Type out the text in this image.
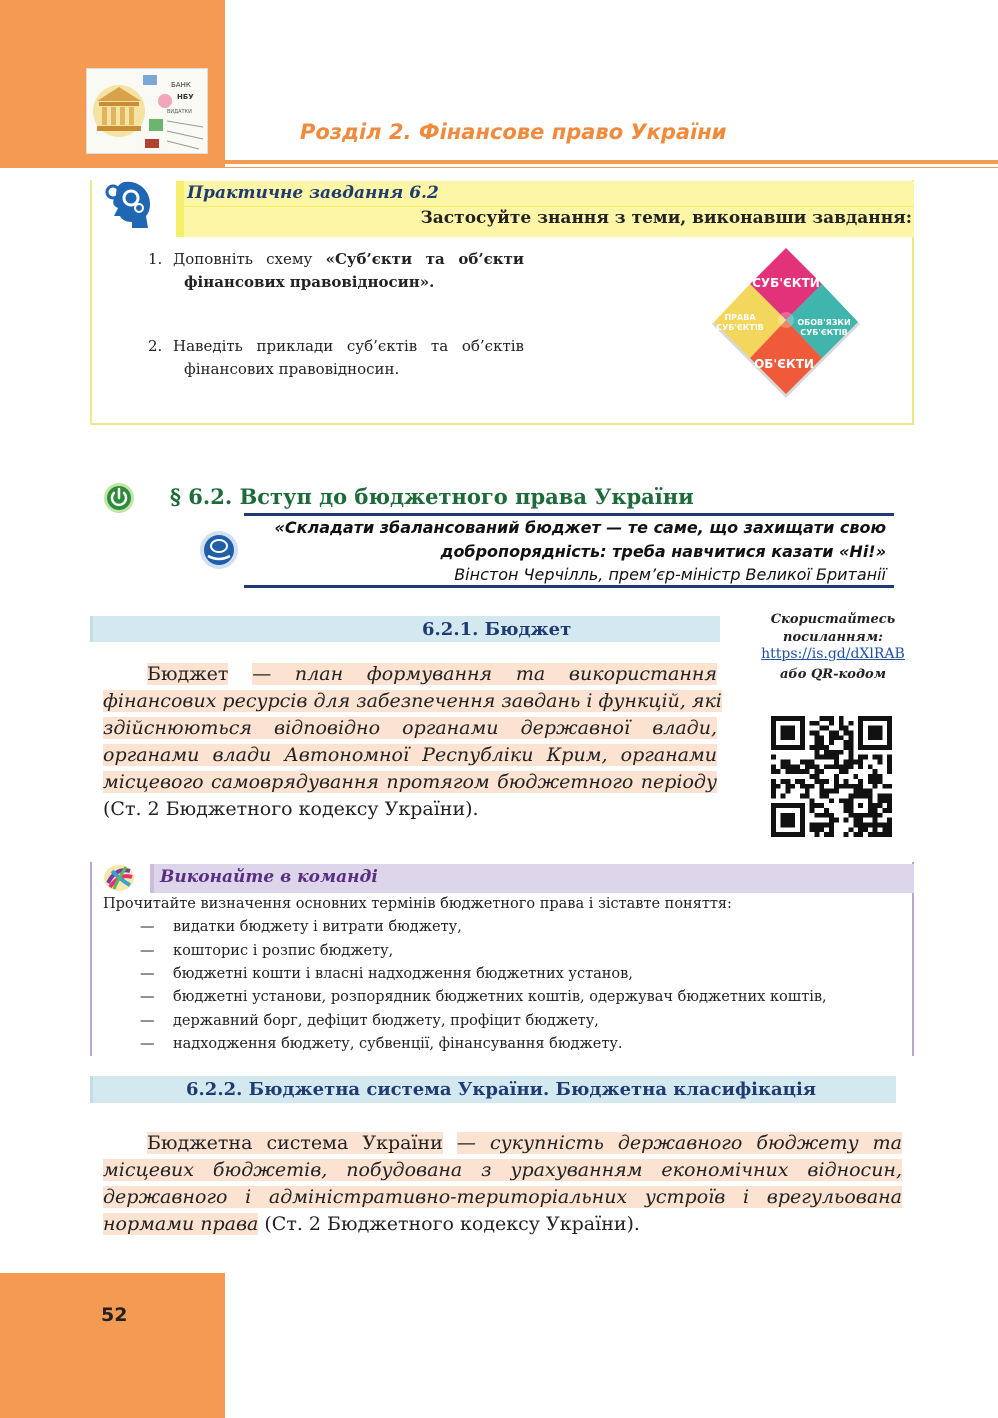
БАНК
НБУ
ВИДАТКИ
Розділ 2. Фінансове право України
Практичне завдання 6.2
Застосуйте знання з теми, виконавши завдання:
1. Доповніть схему «Суб’єкти та об’єкти
фінансових правовідносин».
2. Наведіть приклади суб’єктів та об’єктів
фінансових правовідносин.
СУБ'ЄКТИ
ПРАВА
СУБ'ЄКТІВ
ОБОВ'ЯЗКИ
СУБ'ЄКТІВ
ОБ'ЄКТИ
§ 6.2. Вступ до бюджетного права України
«Складати збалансований бюджет — те саме, що захищати свою
добропорядність: треба навчитися казати «Ні!»
Вінстон Черчілль, прем’єр-міністр Великої Британії
6.2.1. Бюджет
Бюджет — план формування та використання
фінансових ресурсів для забезпечення завдань і функцій, які
здійснюються відповідно органами державної влади,
органами влади Автономної Республіки Крим, органами
місцевого самоврядування протягом бюджетного періоду
(Ст. 2 Бюджетного кодексу України).
Скористайтесь
посиланням:
https://is.gd/dXlRAB
або QR-кодом
Виконайте в команді
Прочитайте визначення основних термінів бюджетного права і зіставте поняття:
— видатки бюджету і витрати бюджету,
— кошторис і розпис бюджету,
— бюджетні кошти і власні надходження бюджетних установ,
— бюджетні установи, розпорядник бюджетних коштів, одержувач бюджетних коштів,
— державний борг, дефіцит бюджету, профіцит бюджету,
— надходження бюджету, субвенції, фінансування бюджету.
6.2.2. Бюджетна система України. Бюджетна класифікація
Бюджетна система України — сукупність державного бюджету та
місцевих бюджетів, побудована з урахуванням економічних відносин,
державного і адміністративно-територіальних устроїв і врегульована
нормами права (Ст. 2 Бюджетного кодексу України).
52
